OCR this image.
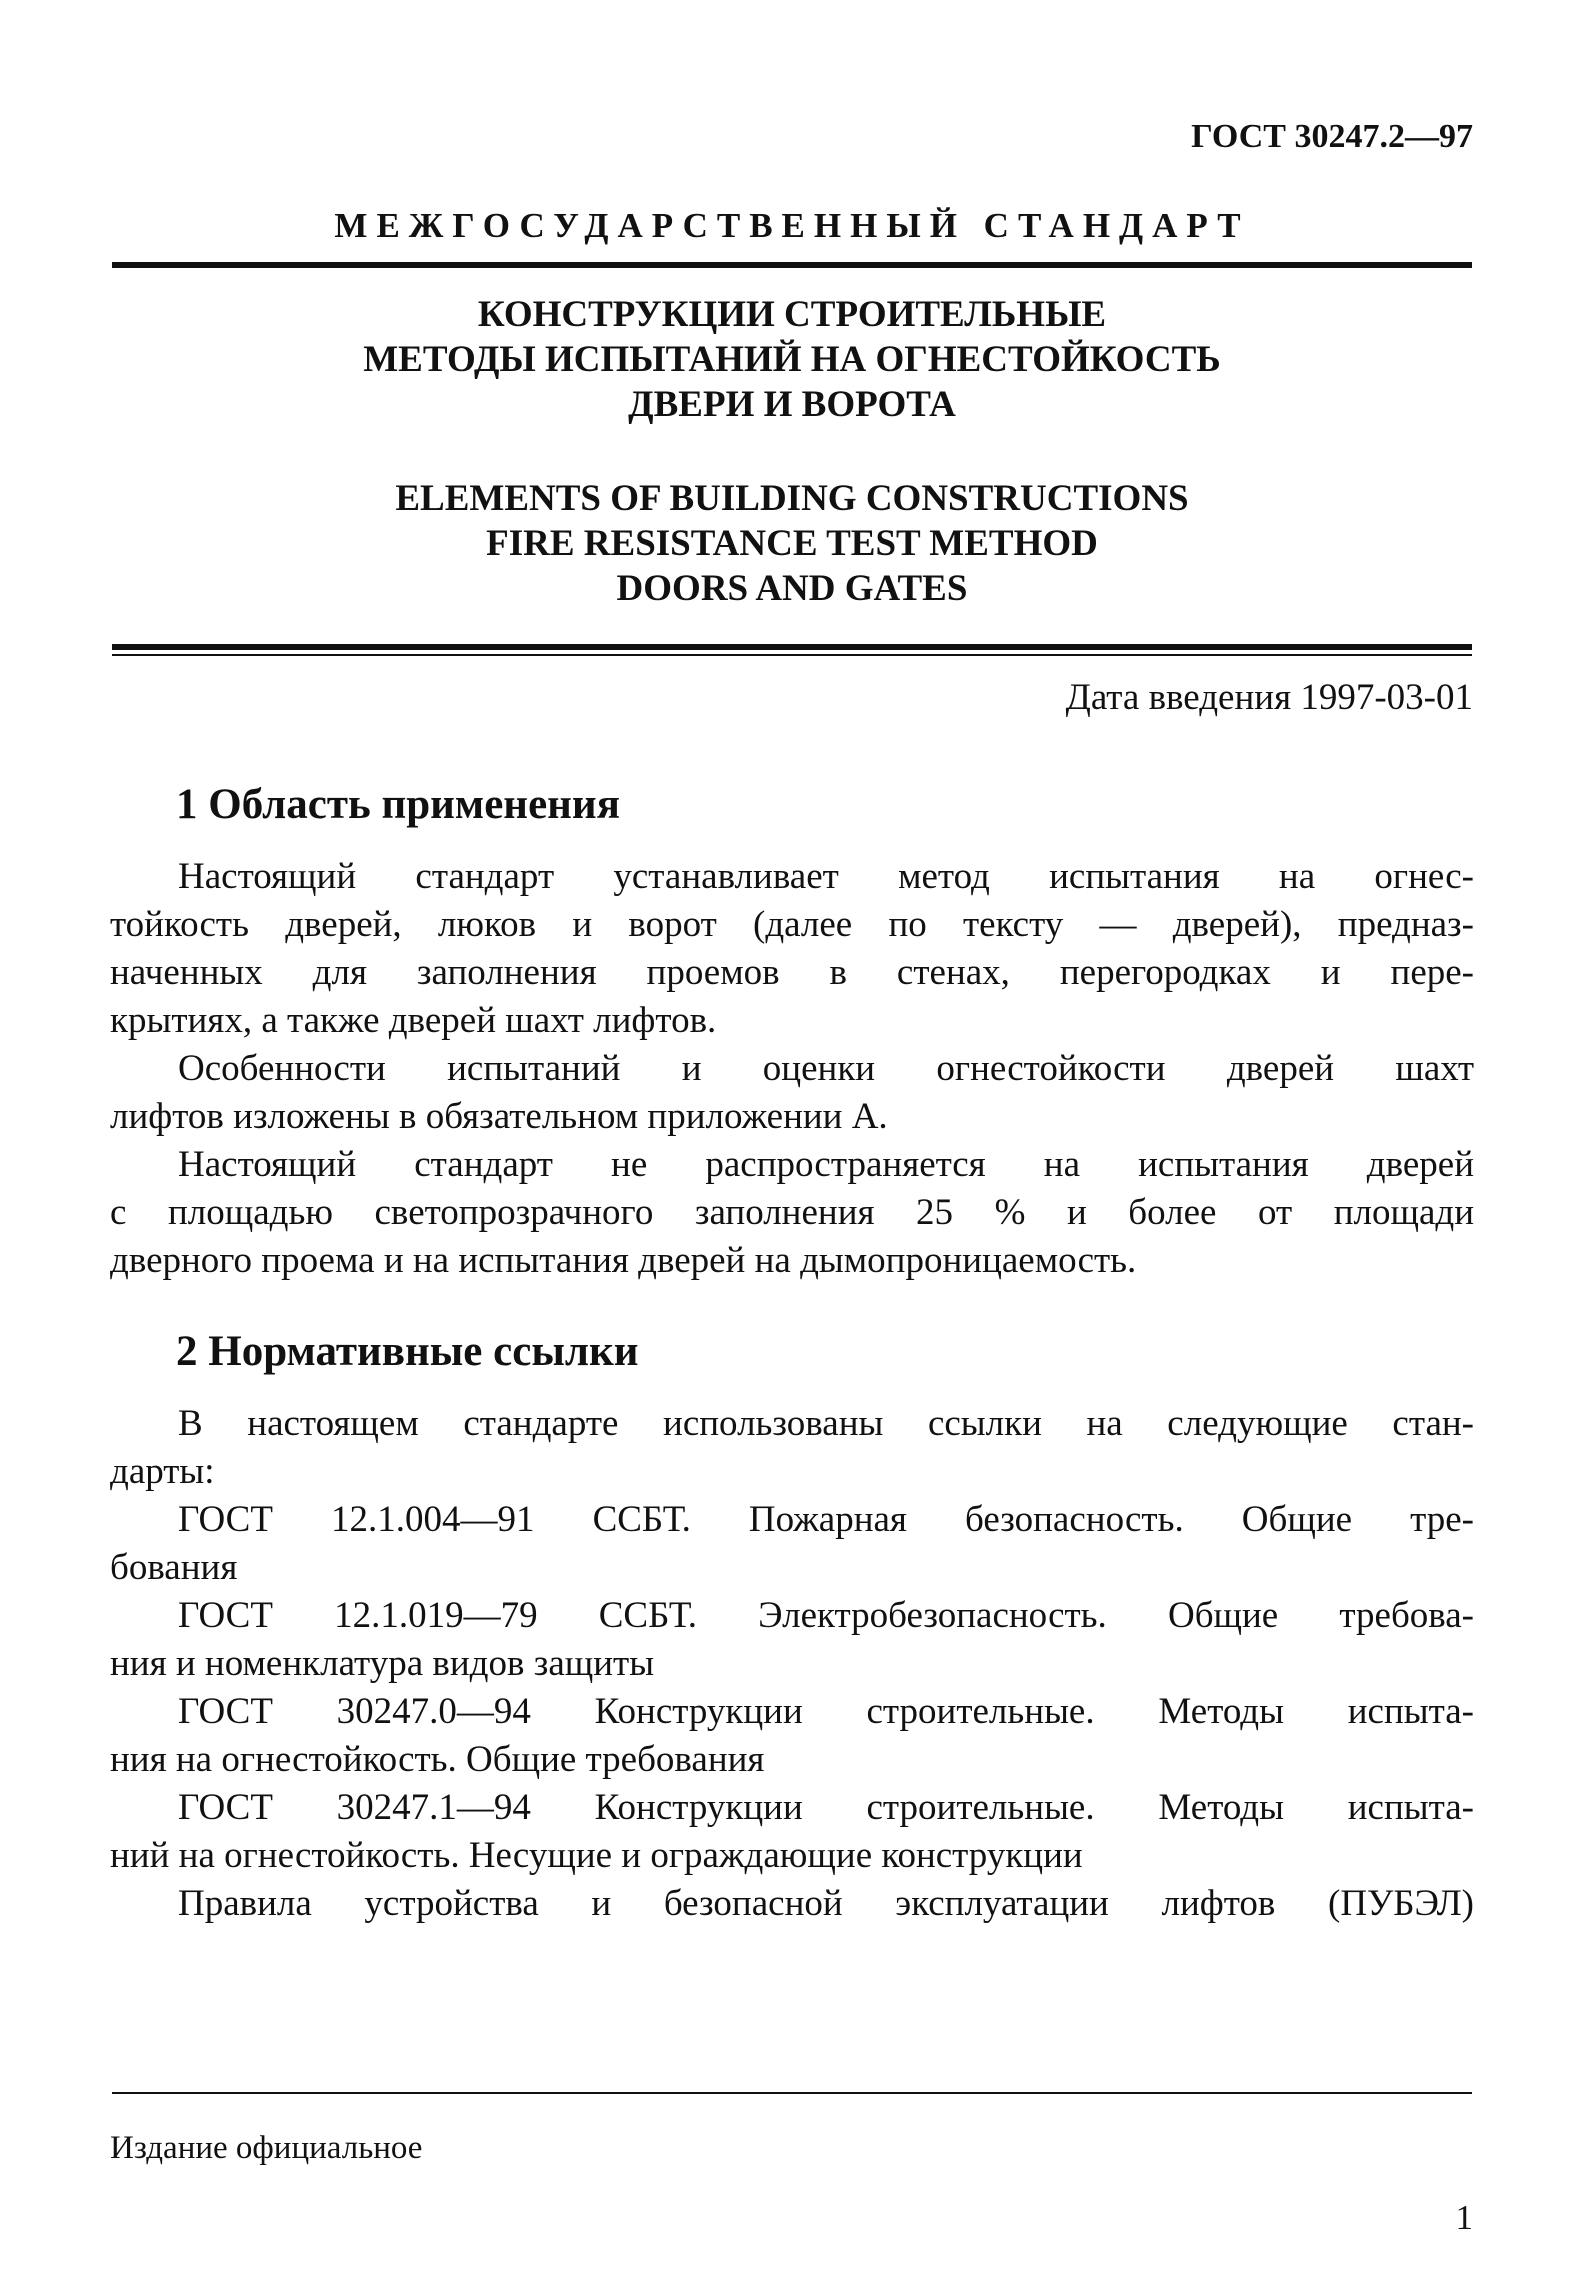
ГОСТ 30247.2—97
МЕЖГОСУДАРСТВЕННЫЙ СТАНДАРТ
КОНСТРУКЦИИ СТРОИТЕЛЬНЫЕ
МЕТОДЫ ИСПЫТАНИЙ НА ОГНЕСТОЙКОСТЬ
ДВЕРИ И ВОРОТА
ELEMENTS OF BUILDING CONSTRUCTIONS
FIRE RESISTANCE TEST METHOD
DOORS AND GATES
Дата введения 1997-03-01
1 Область применения
Настоящий стандарт устанавливает метод испытания на огнес-
тойкость дверей, люков и ворот (далее по тексту — дверей), предназ-
наченных для заполнения проемов в стенах, перегородках и пере-
крытиях, а также дверей шахт лифтов.
Особенности испытаний и оценки огнестойкости дверей шахт
лифтов изложены в обязательном приложении А.
Настоящий стандарт не распространяется на испытания дверей
с площадью светопрозрачного заполнения 25 % и более от площади
дверного проема и на испытания дверей на дымопроницаемость.
2 Нормативные ссылки
В настоящем стандарте использованы ссылки на следующие стан-
дарты:
ГОСТ 12.1.004—91 ССБТ. Пожарная безопасность. Общие тре-
бования
ГОСТ 12.1.019—79 ССБТ. Электробезопасность. Общие требова-
ния и номенклатура видов защиты
ГОСТ 30247.0—94 Конструкции строительные. Методы испыта-
ния на огнестойкость. Общие требования
ГОСТ 30247.1—94 Конструкции строительные. Методы испыта-
ний на огнестойкость. Несущие и ограждающие конструкции
Правила устройства и безопасной эксплуатации лифтов (ПУБЭЛ)
Издание официальное
1
